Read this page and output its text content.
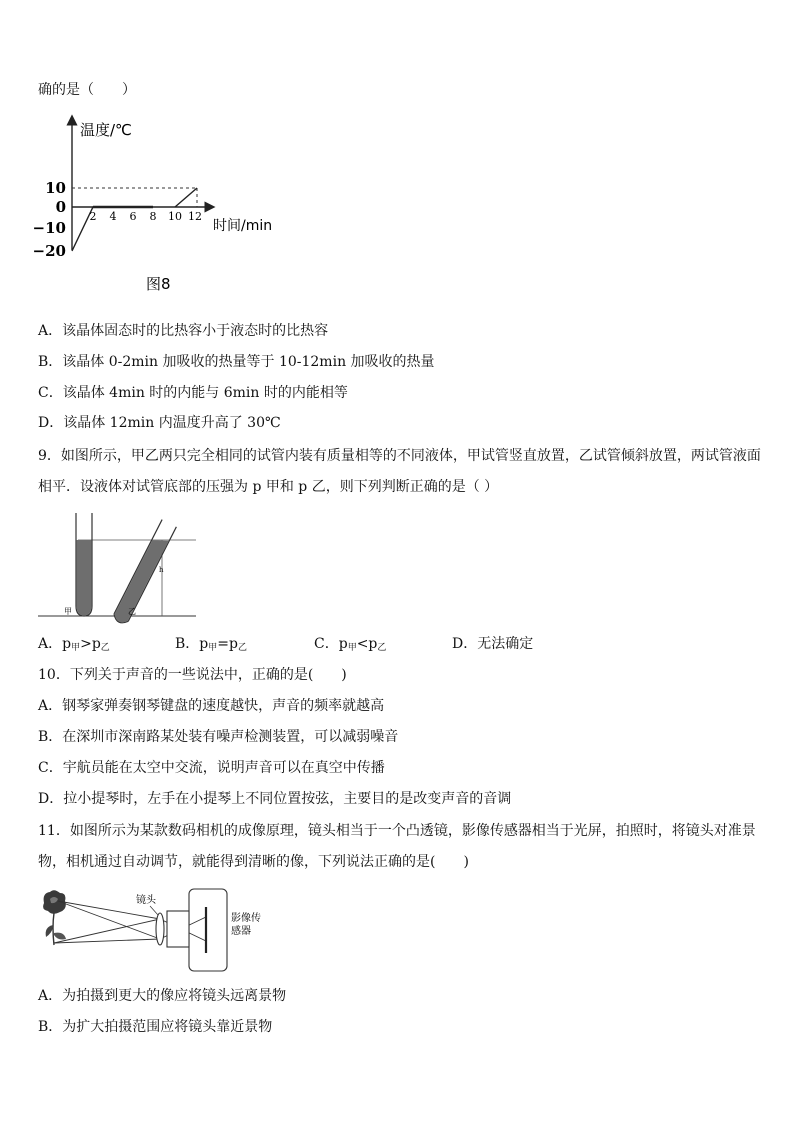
确的是（　　）
温度/℃
时间/min
10
0
−10
−20
2 4 6 8 10 12
图8
A．该晶体固态时的比热容小于液态时的比热容
B．该晶体 0-2min 加吸收的热量等于 10-12min 加吸收的热量
C．该晶体 4min 时的内能与 6min 时的内能相等
D．该晶体 12min 内温度升高了 30℃
9．如图所示，甲乙两只完全相同的试管内装有质量相等的不同液体，甲试管竖直放置，乙试管倾斜放置，两试管液面
相平．设液体对试管底部的压强为 p 甲和 p 乙，则下列判断正确的是（ ）
h
甲	乙
A．$p_甲>p_乙$	B．$p_甲=p_乙$	C．$p_甲<p_乙$	D．无法确定
10．下列关于声音的一些说法中，正确的是(　　)
A．钢琴家弹奏钢琴键盘的速度越快，声音的频率就越高
B．在深圳市深南路某处装有噪声检测装置，可以减弱噪音
C．宇航员能在太空中交流，说明声音可以在真空中传播
D．拉小提琴时，左手在小提琴上不同位置按弦，主要目的是改变声音的音调
11．如图所示为某款数码相机的成像原理，镜头相当于一个凸透镜，影像传感器相当于光屏，拍照时，将镜头对准景
物，相机通过自动调节，就能得到清晰的像，下列说法正确的是(　　)
镜头
影像传
感器
A．为拍摄到更大的像应将镜头远离景物
B．为扩大拍摄范围应将镜头靠近景物
